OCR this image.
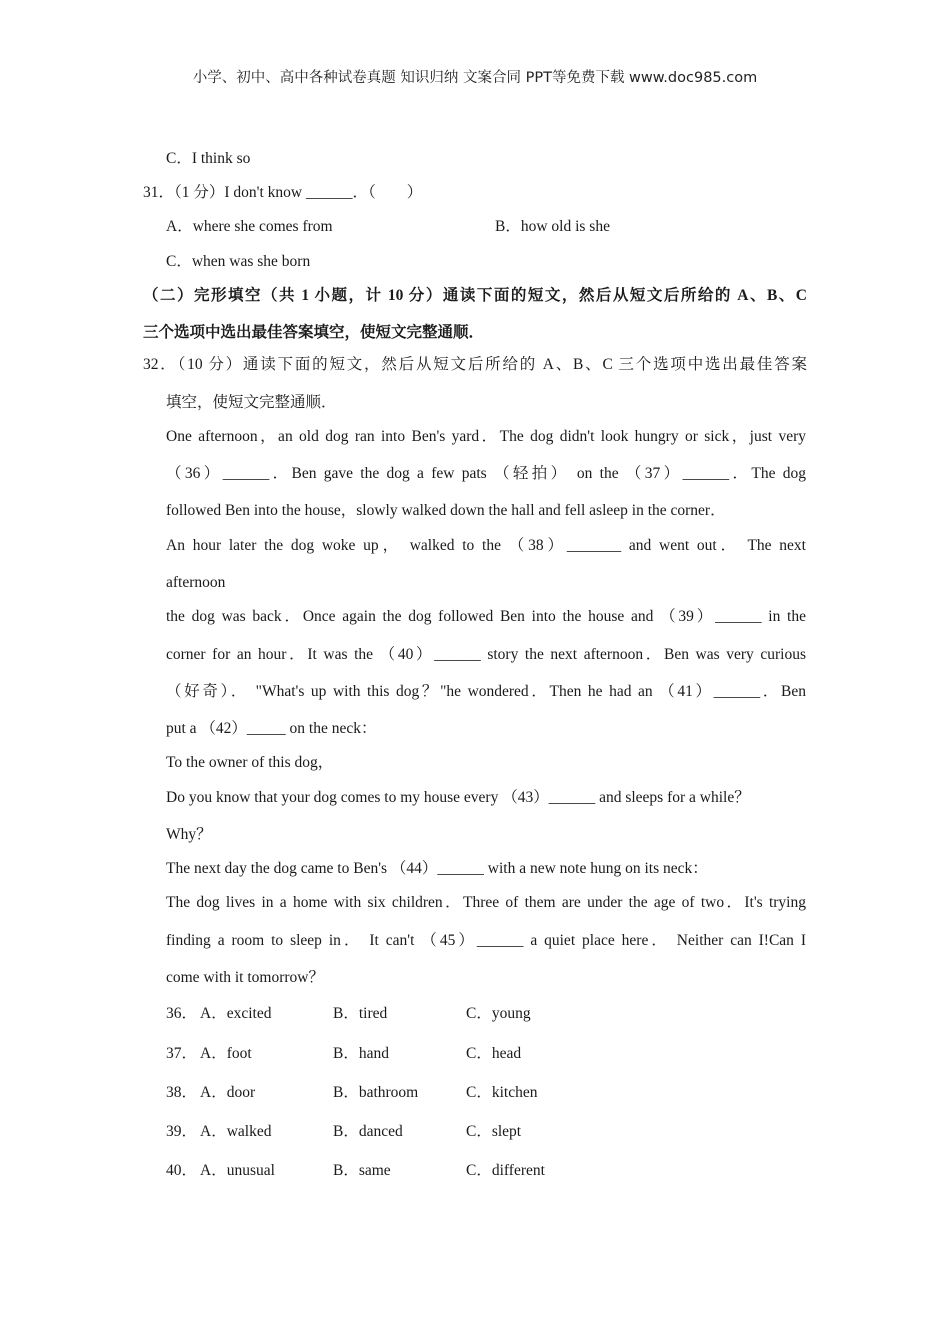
小学、初中、高中各种试卷真题 知识归纳 文案合同 PPT等免费下载 www.doc985.com
C．I think so
31．（1 分）I don't know ______．（　　）
A．where she comes from	B．how old is she
C．when was she born
（二）完形填空（共 1 小题，计 10 分）通读下面的短文，然后从短文后所给的 A、B、C
三个选项中选出最佳答案填空，使短文完整通顺．
32．（10 分）通读下面的短文，然后从短文后所给的 A、B、C 三个选项中选出最佳答案
填空，使短文完整通顺．
One afternoon，an old dog ran into Ben's yard．The dog didn't look hungry or sick，just very
（36）______．Ben gave the dog a few pats （轻拍） on the （37）______．The dog
followed Ben into the house，slowly walked down the hall and fell asleep in the corner．
An hour later the dog woke up， walked to the （38）_______ and went out． The next
afternoon
the dog was back．Once again the dog followed Ben into the house and （39）______ in the
corner for an hour．It was the （40）______ story the next afternoon．Ben was very curious
（好奇）． "What's up with this dog？"he wondered．Then he had an （41）______．Ben
put a （42）_____ on the neck：
To the owner of this dog，
Do you know that your dog comes to my house every （43）______ and sleeps for a while？
Why？
The next day the dog came to Ben's （44）______ with a new note hung on its neck：
The dog lives in a home with six children．Three of them are under the age of two．It's trying
finding a room to sleep in． It can't （45）______ a quiet place here． Neither can I!Can I
come with it tomorrow？
36． A．excited	B．tired	C．young
37． A．foot	B．hand	C．head
38． A．door	B．bathroom	C．kitchen
39． A．walked	B．danced	C．slept
40． A．unusual	B．same	C．different
